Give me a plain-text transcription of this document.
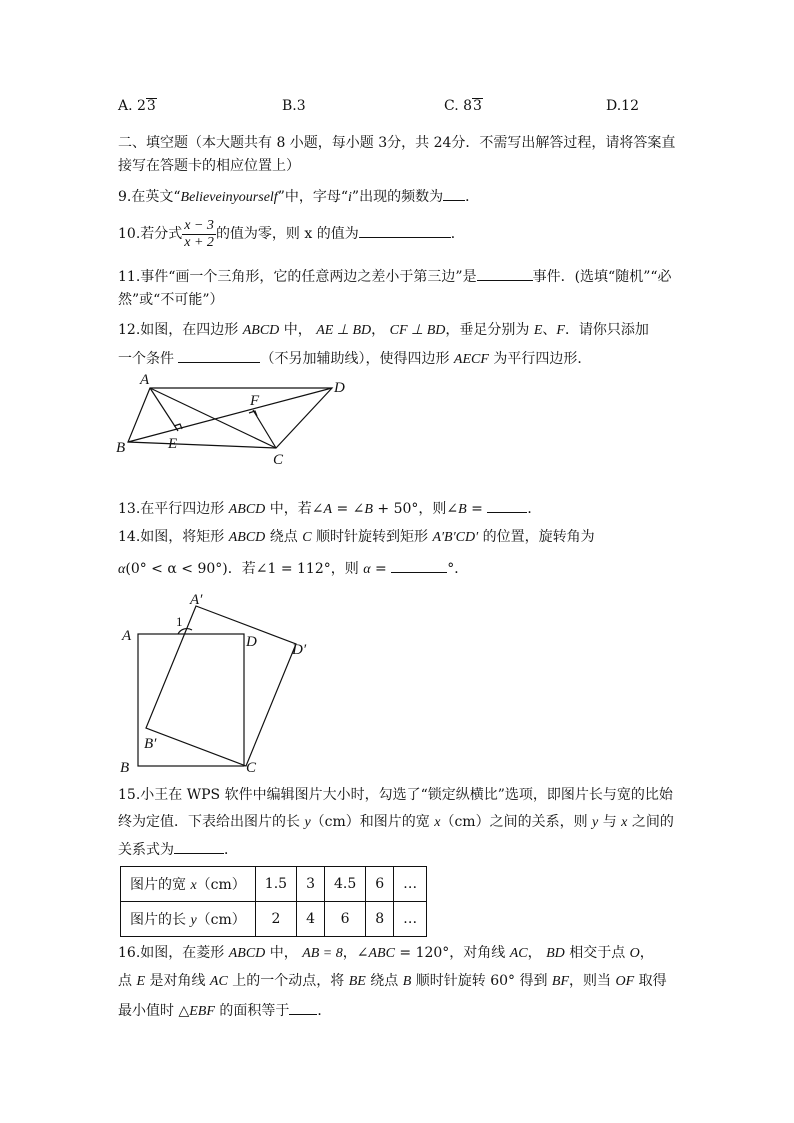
A. 23	B.3	C. 83	D.12
二、填空题（本大题共有 8 小题，每小题 3分，共 24分．不需写出解答过程，请将答案直
接写在答题卡的相应位置上）
9.在英文“Believeinyourself”中，字母“i”出现的频数为 ．
10.若分式 $\frac{x - 3}{x + 2}$ 的值为零，则 x 的值为	．
11.事件“画一个三角形，它的任意两边之差小于第三边”是	事件．(选填“随机”“必
然”或“不可能”）
12.如图，在四边形 ABCD 中， AE ⊥ BD， CF ⊥ BD，垂足分别为 E、F．请你只添加
一个条件	（不另加辅助线），使得四边形 AECF 为平行四边形．
A	D
B
C
E
F
13.在平行四边形 ABCD 中，若∠A = ∠B + 50°，则∠B =	．
14.如图，将矩形 ABCD 绕点 C 顺时针旋转到矩形 A′B′CD′ 的位置，旋转角为
α(0° < α < 90°)．若∠1 = 112°，则 α =	°．
A′
A	D D′
B′
B	C
1
15.小王在 WPS 软件中编辑图片大小时，勾选了“锁定纵横比”选项，即图片长与宽的比始
终为定值．下表给出图片的长 y（cm）和图片的宽 x（cm）之间的关系，则 y 与 x 之间的
关系式为	．
图片的宽 x（cm）	1.5	3	4.5	6	…
图片的长 y（cm）	2	4	6	8	…
16.如图，在菱形 ABCD 中， AB = 8，∠ABC = 120°，对角线 AC， BD 相交于点 O，
点 E 是对角线 AC 上的一个动点，将 BE 绕点 B 顺时针旋转 60° 得到 BF，则当 OF 取得
最小值时 △EBF 的面积等于 ．
